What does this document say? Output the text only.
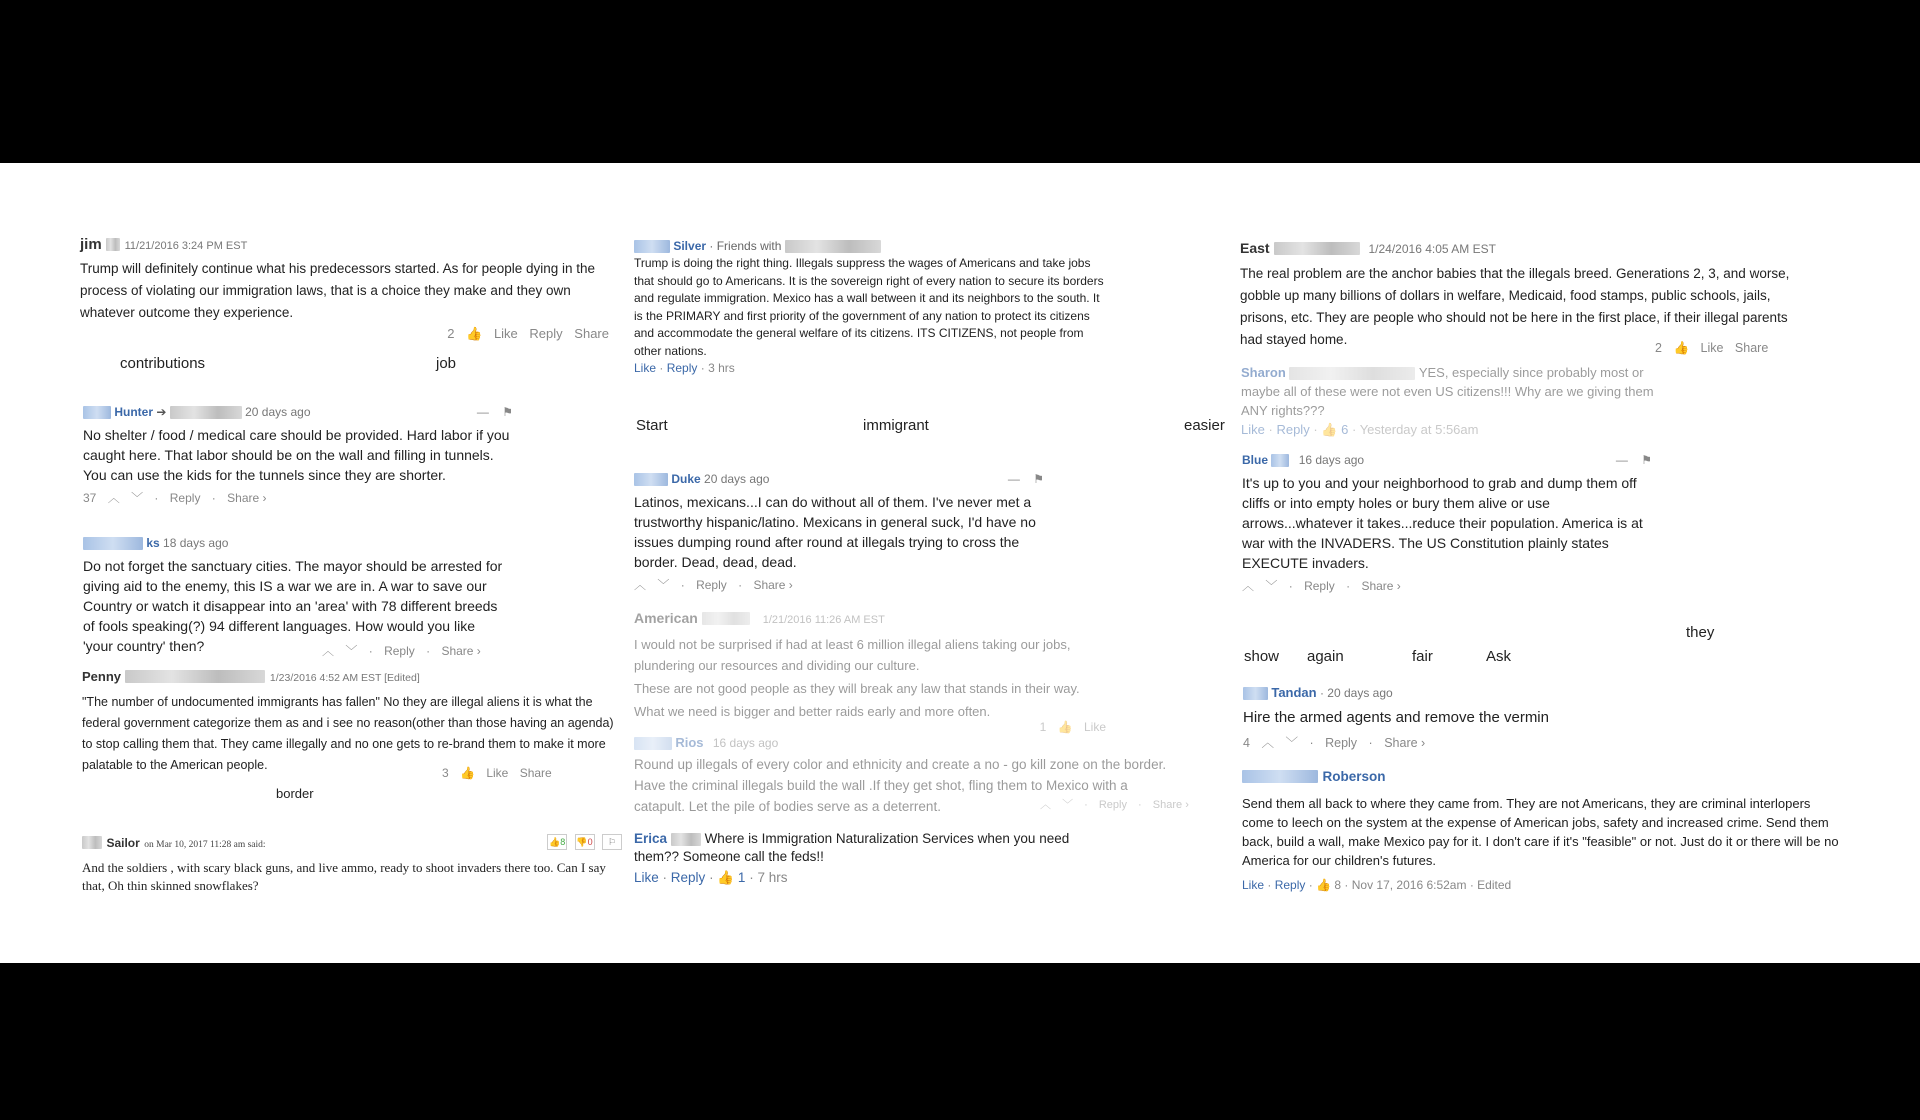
jim 11/21/2016 3:24 PM EST
Trump will definitely continue what his predecessors started. As for people dying in the process of violating our immigration laws, that is a choice they make and they own whatever outcome they experience.
2 👍 Like Reply Share
contributions	job
Hunter ➔	20 days ago	— ⚑
No shelter / food / medical care should be provided. Hard labor if you caught here. That labor should be on the wall and filling in tunnels. You can use the kids for the tunnels since they are shorter.
37 ︿ ﹀ · Reply · Share ›
ks 18 days ago
Do not forget the sanctuary cities. The mayor should be arrested for giving aid to the enemy, this IS a war we are in. A war to save our Country or watch it disappear into an 'area' with 78 different breeds of fools speaking(?) 94 different languages. How would you like 'your country' then?	︿ ﹀ · Reply · Share ›
Penny	1/23/2016 4:52 AM EST [Edited]
"The number of undocumented immigrants has fallen" No they are illegal aliens it is what the federal government categorize them as and i see no reason(other than those having an agenda) to stop calling them that. They came illegally and no one gets to re-brand them to make it more palatable to the American people.
3 👍 Like Share
border
Sailor on Mar 10, 2017 11:28 am said:	👍8 👎0 ⚐
And the soldiers , with scary black guns, and live ammo, ready to shoot invaders there too. Can I say that, Oh thin skinned snowflakes?
Silver · Friends with
Trump is doing the right thing. Illegals suppress the wages of Americans and take jobs that should go to Americans. It is the sovereign right of every nation to secure its borders and regulate immigration. Mexico has a wall between it and its neighbors to the south. It is the PRIMARY and first priority of the government of any nation to protect its citizens and accommodate the general welfare of its citizens. ITS CITIZENS, not people from other nations.
Like · Reply · 3 hrs
Start	immigrant	easier
Duke 20 days ago	— ⚑
Latinos, mexicans...I can do without all of them. I've never met a trustworthy hispanic/latino. Mexicans in general suck, I'd have no issues dumping round after round at illegals trying to cross the border. Dead, dead, dead.
︿ ﹀ · Reply · Share ›
American	1/21/2016 11:26 AM EST
I would not be surprised if had at least 6 million illegal aliens taking our jobs, plundering our resources and dividing our culture.
These are not good people as they will break any law that stands in their way.
What we need is bigger and better raids early and more often.
1 👍 Like
Rios 16 days ago
Round up illegals of every color and ethnicity and create a no - go kill zone on the border. Have the criminal illegals build the wall .If they get shot, fling them to Mexico with a catapult. Let the pile of bodies serve as a deterrent.	︿ ﹀ · Reply · Share ›
Erica	Where is Immigration Naturalization Services when you need them?? Someone call the feds!!
Like · Reply · 👍 1 · 7 hrs
East	1/24/2016 4:05 AM EST
The real problem are the anchor babies that the illegals breed. Generations 2, 3, and worse, gobble up many billions of dollars in welfare, Medicaid, food stamps, public schools, jails, prisons, etc. They are people who should not be here in the first place, if their illegal parents had stayed home.
2 👍 Like Share
Sharon	YES, especially since probably most or maybe all of these were not even US citizens!!! Why are we giving them ANY rights???
Like · Reply · 👍 6 · Yesterday at 5:56am
Blue	16 days ago	— ⚑
It's up to you and your neighborhood to grab and dump them off cliffs or into empty holes or bury them alive or use arrows...whatever it takes...reduce their population. America is at war with the INVADERS. The US Constitution plainly states EXECUTE invaders.
︿ ﹀ · Reply · Share ›
they
show again	fair	Ask
Tandan · 20 days ago
Hire the armed agents and remove the vermin
4 ︿ ﹀ · Reply · Share ›
Roberson
Send them all back to where they came from. They are not Americans, they are criminal interlopers come to leech on the system at the expense of American jobs, safety and increased crime. Send them back, build a wall, make Mexico pay for it. I don't care if it's "feasible" or not. Just do it or there will be no America for our children's futures.
Like · Reply · 👍 8 · Nov 17, 2016 6:52am · Edited
